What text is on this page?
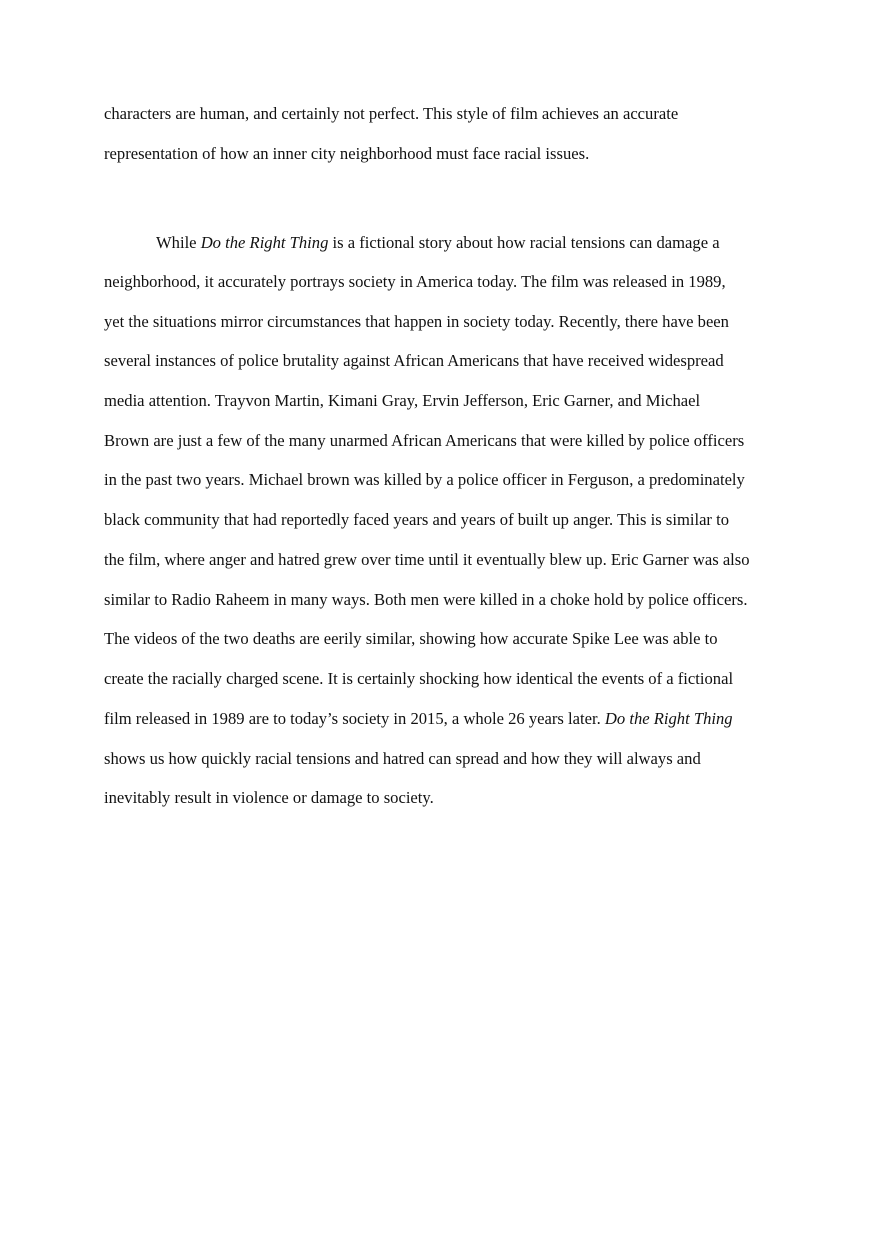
characters are human, and certainly not perfect. This style of film achieves an accurate
representation of how an inner city neighborhood must face racial issues.
While Do the Right Thing is a fictional story about how racial tensions can damage a
neighborhood, it accurately portrays society in America today. The film was released in 1989,
yet the situations mirror circumstances that happen in society today. Recently, there have been
several instances of police brutality against African Americans that have received widespread
media attention. Trayvon Martin, Kimani Gray, Ervin Jefferson, Eric Garner, and Michael
Brown are just a few of the many unarmed African Americans that were killed by police officers
in the past two years. Michael brown was killed by a police officer in Ferguson, a predominately
black community that had reportedly faced years and years of built up anger. This is similar to
the film, where anger and hatred grew over time until it eventually blew up. Eric Garner was also
similar to Radio Raheem in many ways. Both men were killed in a choke hold by police officers.
The videos of the two deaths are eerily similar, showing how accurate Spike Lee was able to
create the racially charged scene. It is certainly shocking how identical the events of a fictional
film released in 1989 are to today’s society in 2015, a whole 26 years later. Do the Right Thing
shows us how quickly racial tensions and hatred can spread and how they will always and
inevitably result in violence or damage to society.
